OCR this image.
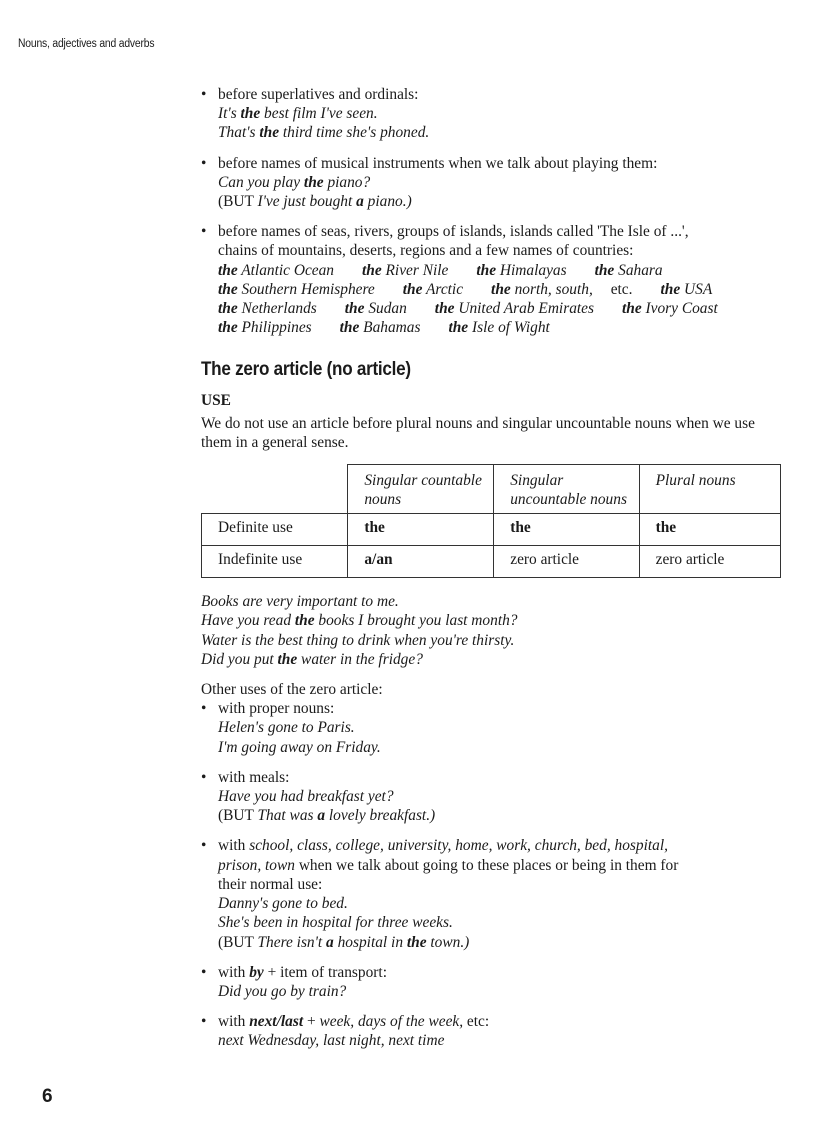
Nouns, adjectives and adverbs
• before superlatives and ordinals:
It's the best film I've seen.
That's the third time she's phoned.
• before names of musical instruments when we talk about playing them:
Can you play the piano?
(BUT I've just bought a piano.)
• before names of seas, rivers, groups of islands, islands called 'The Isle of ...',
chains of mountains, deserts, regions and a few names of countries:
the Atlantic Ocean the River Nile the Himalayas the Sahara
the Southern Hemisphere the Arctic the north, south, etc. the USA
the Netherlands the Sudan the United Arab Emirates the Ivory Coast
the Philippines the Bahamas the Isle of Wight
The zero article (no article)
USE
We do not use an article before plural nouns and singular uncountable nouns when we use them in a general sense.
	Singular countable nouns	Singular uncountable nouns	Plural nouns
Definite use	the	the	the
Indefinite use	a/an	zero article	zero article
Books are very important to me.
Have you read the books I brought you last month?
Water is the best thing to drink when you're thirsty.
Did you put the water in the fridge?
Other uses of the zero article:
• with proper nouns:
Helen's gone to Paris.
I'm going away on Friday.
• with meals:
Have you had breakfast yet?
(BUT That was a lovely breakfast.)
• with school, class, college, university, home, work, church, bed, hospital,
prison, town when we talk about going to these places or being in them for
their normal use:
Danny's gone to bed.
She's been in hospital for three weeks.
(BUT There isn't a hospital in the town.)
• with by + item of transport:
Did you go by train?
• with next/last + week, days of the week, etc:
next Wednesday, last night, next time
6
